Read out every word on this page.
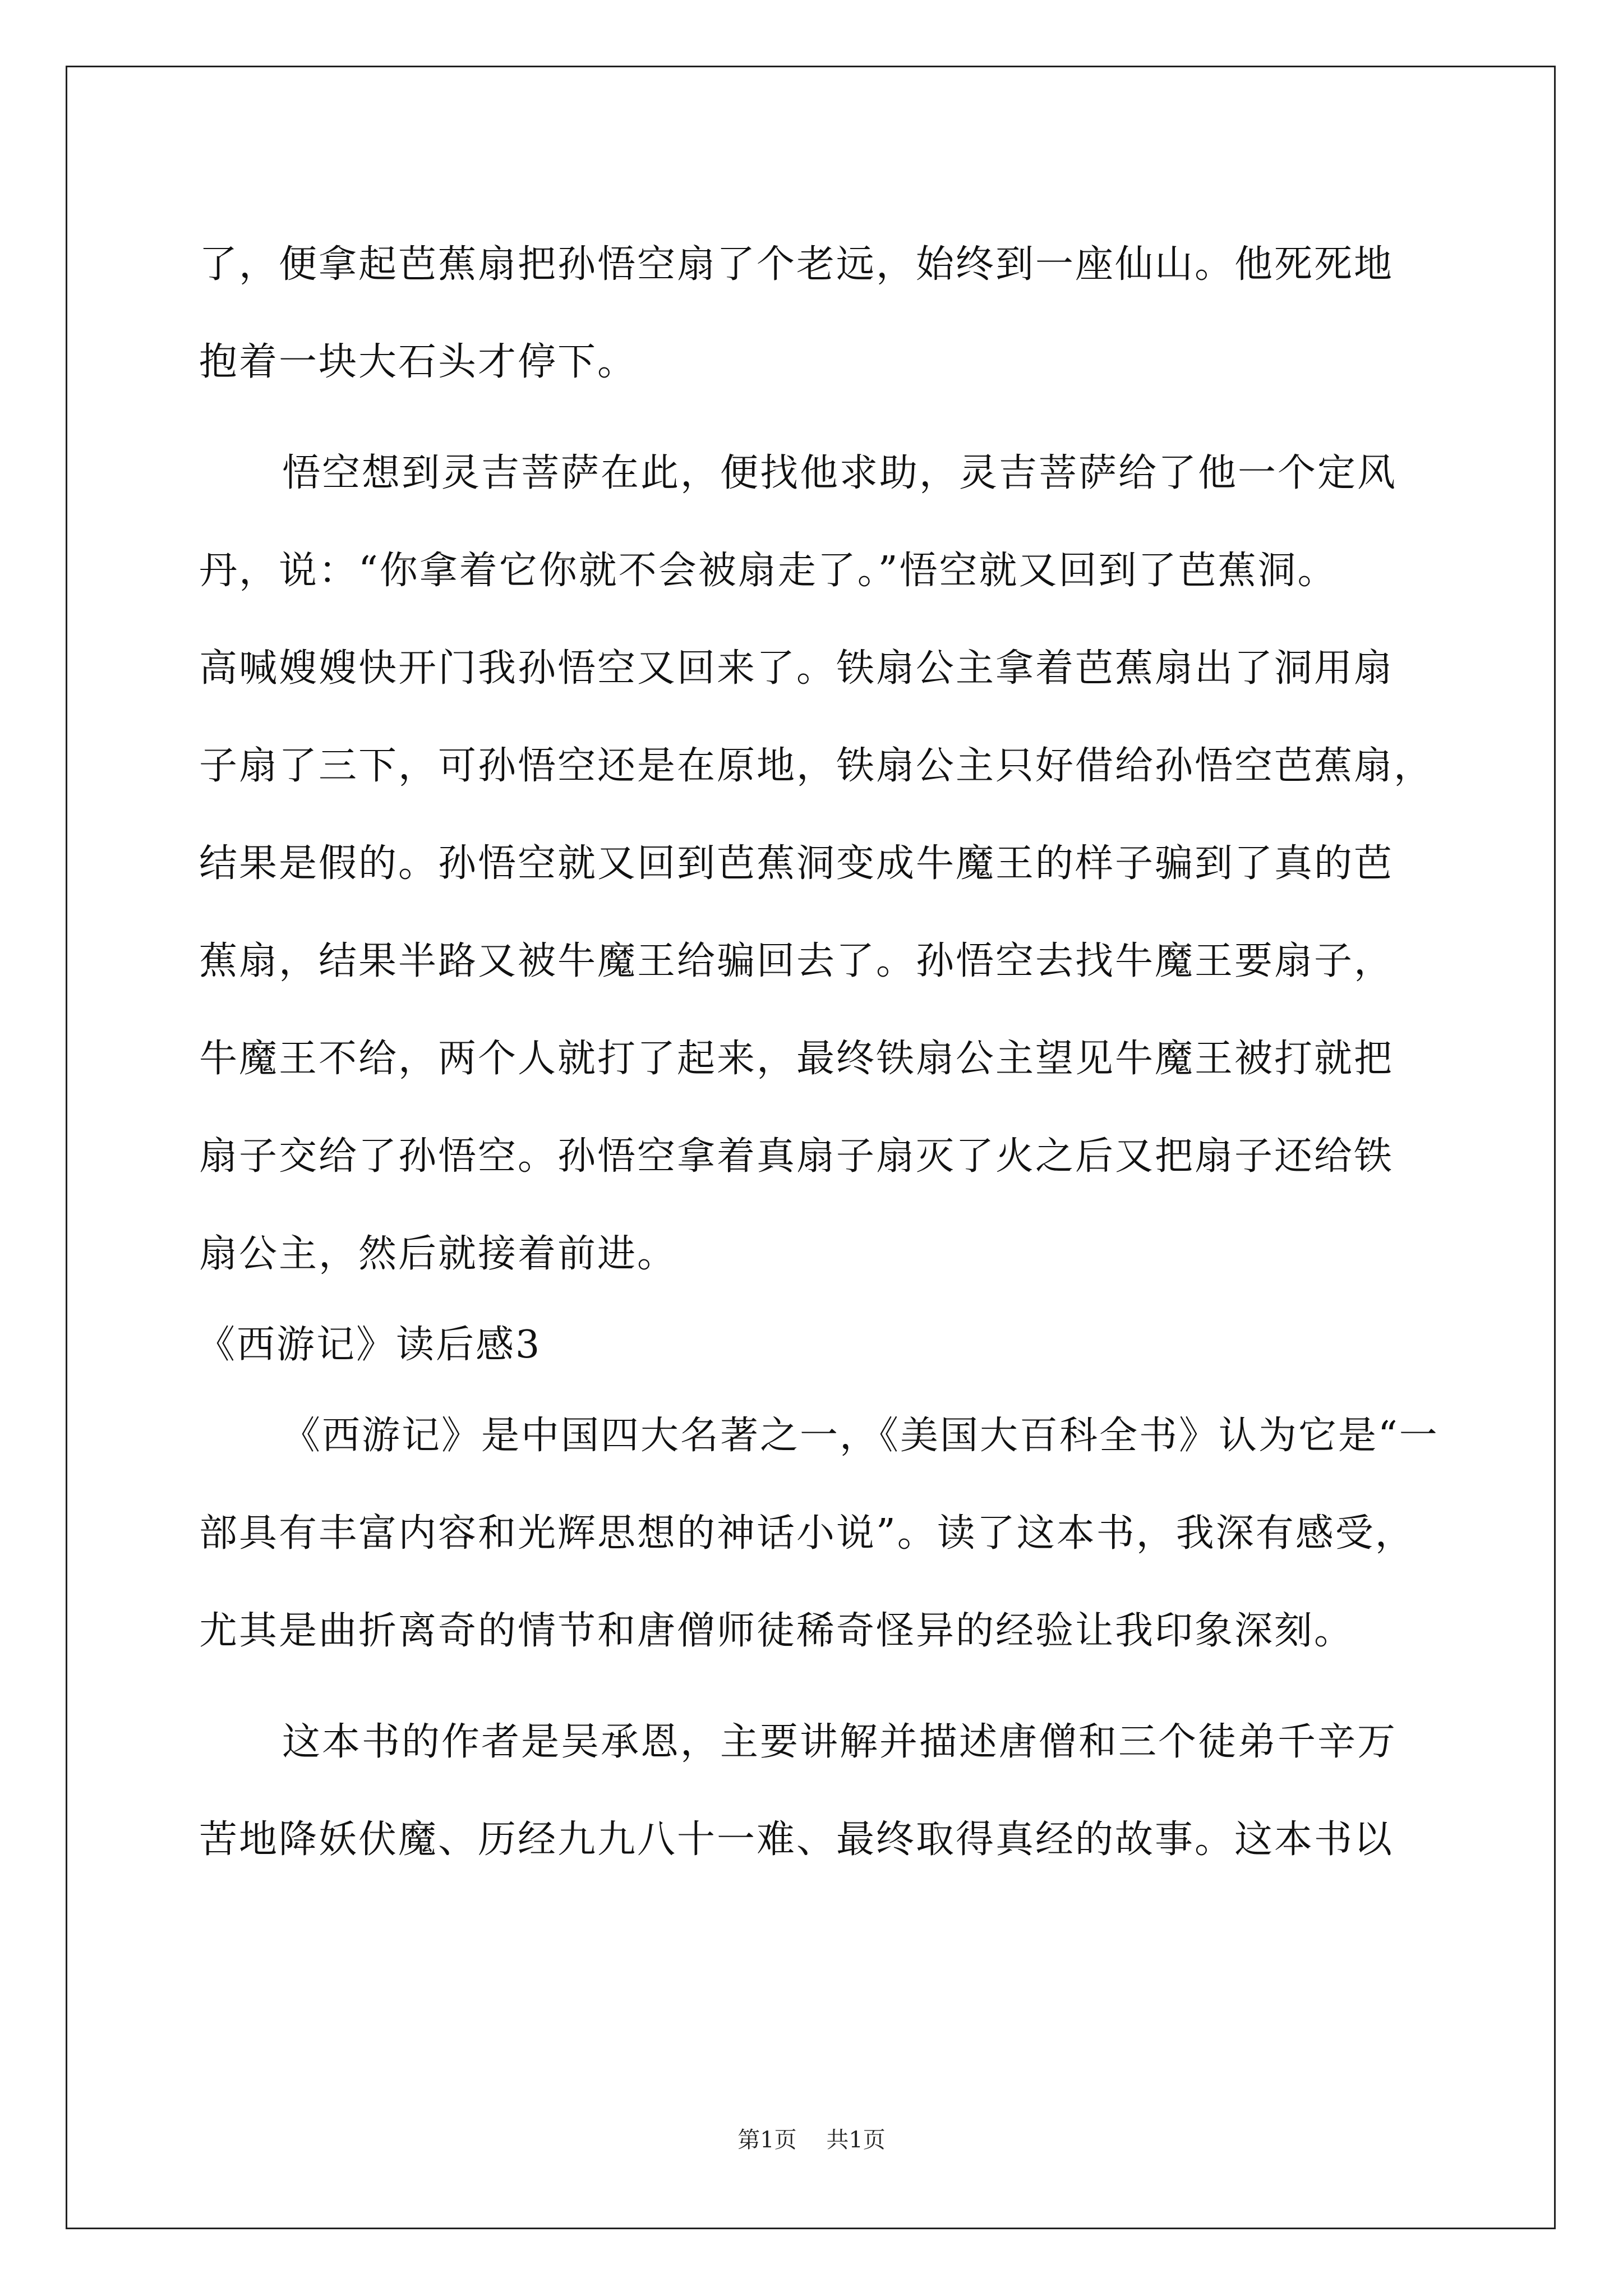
了，便拿起芭蕉扇把孙悟空扇了个老远，始终到一座仙山。他死死地
抱着一块大石头才停下。
悟空想到灵吉菩萨在此，便找他求助，灵吉菩萨给了他一个定风
丹，说：“你拿着它你就不会被扇走了。”悟空就又回到了芭蕉洞。
高喊嫂嫂快开门我孙悟空又回来了。铁扇公主拿着芭蕉扇出了洞用扇
子扇了三下，可孙悟空还是在原地，铁扇公主只好借给孙悟空芭蕉扇，
结果是假的。孙悟空就又回到芭蕉洞变成牛魔王的样子骗到了真的芭
蕉扇，结果半路又被牛魔王给骗回去了。孙悟空去找牛魔王要扇子，
牛魔王不给，两个人就打了起来，最终铁扇公主望见牛魔王被打就把
扇子交给了孙悟空。孙悟空拿着真扇子扇灭了火之后又把扇子还给铁
扇公主，然后就接着前进。
《西游记》读后感3
《西游记》是中国四大名著之一，《美国大百科全书》认为它是“一
部具有丰富内容和光辉思想的神话小说”。读了这本书，我深有感受，
尤其是曲折离奇的情节和唐僧师徒稀奇怪异的经验让我印象深刻。
这本书的作者是吴承恩，主要讲解并描述唐僧和三个徒弟千辛万
苦地降妖伏魔、历经九九八十一难、最终取得真经的故事。这本书以
第1页 共1页
